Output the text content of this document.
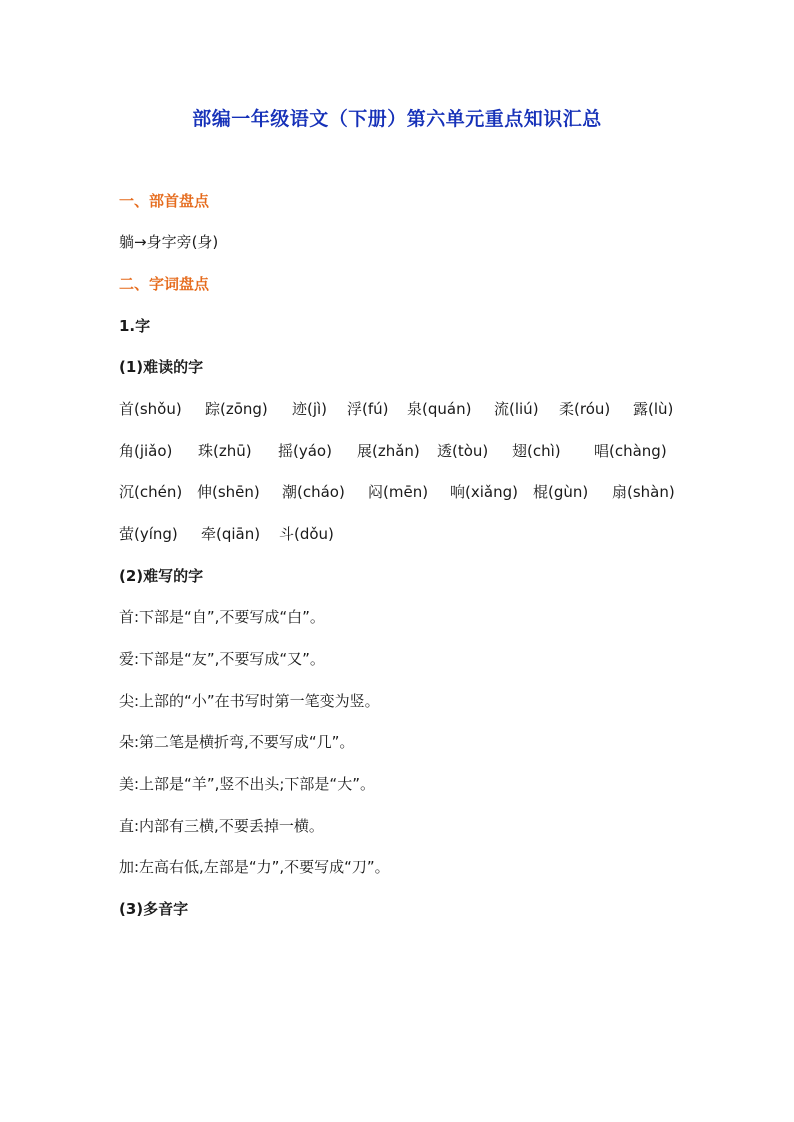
部编一年级语文（下册）第六单元重点知识汇总
一、部首盘点
躺→身字旁(身)
二、字词盘点
1.字
(1)难读的字
首(shǒu) 踪(zōng) 迹(jì) 浮(fú) 泉(quán) 流(liú) 柔(róu) 露(lù)
角(jiǎo) 珠(zhū) 摇(yáo) 展(zhǎn) 透(tòu) 翅(chì) 唱(chàng)
沉(chén) 伸(shēn) 潮(cháo) 闷(mēn) 响(xiǎng) 棍(gùn) 扇(shàn)
萤(yíng) 牵(qiān) 斗(dǒu)
(2)难写的字
首:下部是“自”,不要写成“白”。
爱:下部是“友”,不要写成“又”。
尖:上部的“小”在书写时第一笔变为竖。
朵:第二笔是横折弯,不要写成“几”。
美:上部是“羊”,竖不出头;下部是“大”。
直:内部有三横,不要丢掉一横。
加:左高右低,左部是“力”,不要写成“刀”。
(3)多音字
